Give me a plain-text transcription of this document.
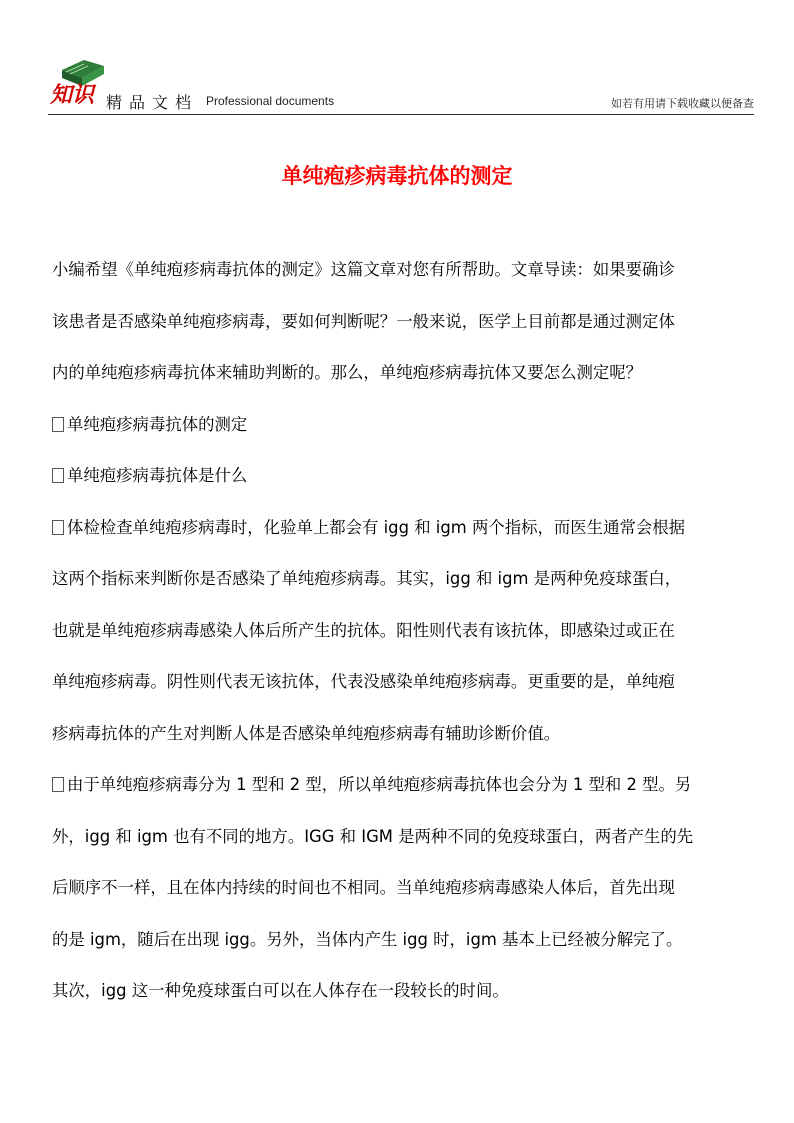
知识 精品文档 Professional documents	如若有用请下载收藏以便备查
单纯疱疹病毒抗体的测定

小编希望《单纯疱疹病毒抗体的测定》这篇文章对您有所帮助。文章导读：如果要确诊
该患者是否感染单纯疱疹病毒，要如何判断呢？一般来说，医学上目前都是通过测定体
内的单纯疱疹病毒抗体来辅助判断的。那么，单纯疱疹病毒抗体又要怎么测定呢？

单纯疱疹病毒抗体的测定

单纯疱疹病毒抗体是什么

体检检查单纯疱疹病毒时，化验单上都会有 igg 和 igm 两个指标，而医生通常会根据
这两个指标来判断你是否感染了单纯疱疹病毒。其实，igg 和 igm 是两种免疫球蛋白，
也就是单纯疱疹病毒感染人体后所产生的抗体。阳性则代表有该抗体，即感染过或正在
单纯疱疹病毒。阴性则代表无该抗体，代表没感染单纯疱疹病毒。更重要的是，单纯疱
疹病毒抗体的产生对判断人体是否感染单纯疱疹病毒有辅助诊断价值。

由于单纯疱疹病毒分为 1 型和 2 型，所以单纯疱疹病毒抗体也会分为 1 型和 2 型。另
外，igg 和 igm 也有不同的地方。IGG 和 IGM 是两种不同的免疫球蛋白，两者产生的先
后顺序不一样，且在体内持续的时间也不相同。当单纯疱疹病毒感染人体后，首先出现
的是 igm，随后在出现 igg。另外，当体内产生 igg 时，igm 基本上已经被分解完了。
其次，igg 这一种免疫球蛋白可以在人体存在一段较长的时间。
